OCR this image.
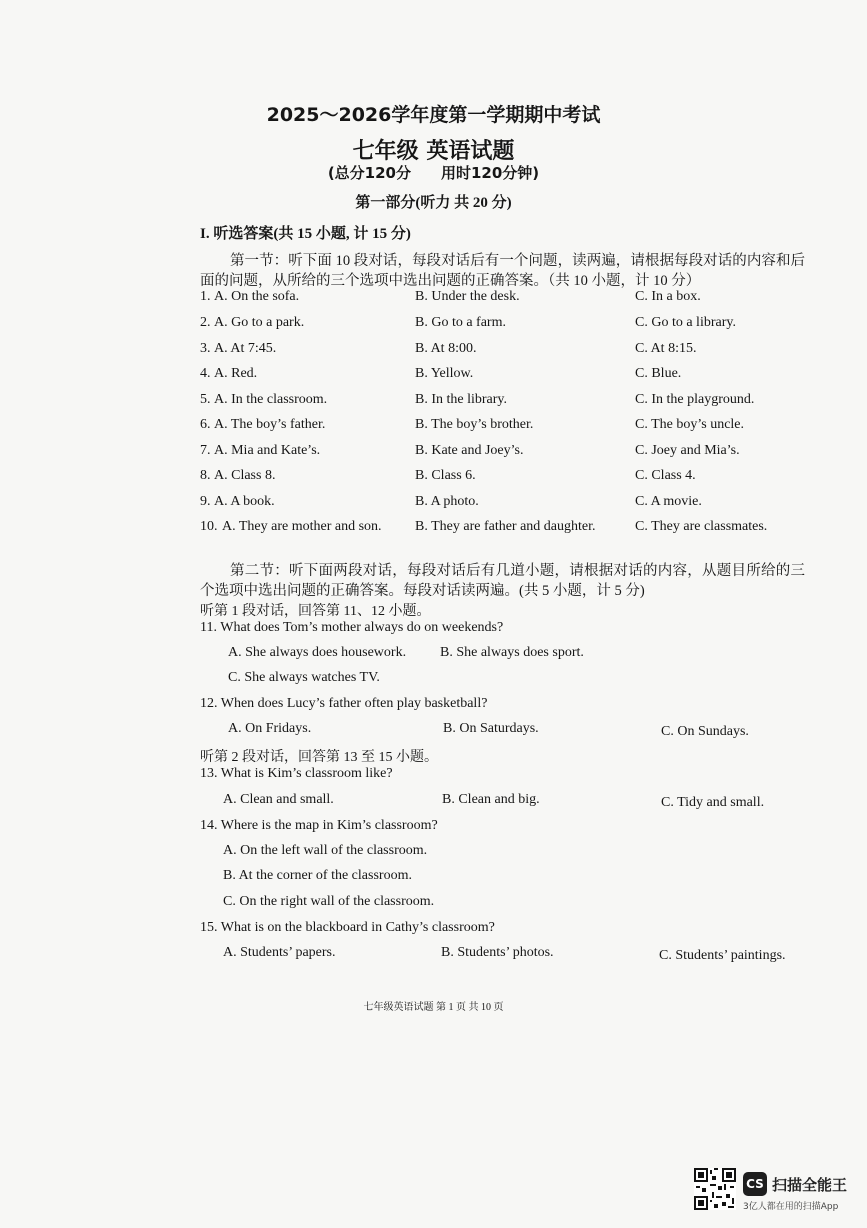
2025～2026学年度第一学期期中考试
七年级 英语试题
(总分120分　　用时120分钟)
第一部分(听力 共 20 分)
I. 听选答案(共 15 小题, 计 15 分)
第一节：听下面 10 段对话，每段对话后有一个问题，读两遍，请根据每段对话的内容和后面的问题，从所给的三个选项中选出问题的正确答案。（共 10 小题，计 10 分）
1. A. On the sofa.	B. Under the desk.	C. In a box.
2. A. Go to a park.	B. Go to a farm.	C. Go to a library.
3. A. At 7:45.	B. At 8:00.	C. At 8:15.
4. A. Red.	B. Yellow.	C. Blue.
5. A. In the classroom.	B. In the library.	C. In the playground.
6. A. The boy’s father.	B. The boy’s brother.	C. The boy’s uncle.
7. A. Mia and Kate’s.	B. Kate and Joey’s.	C. Joey and Mia’s.
8. A. Class 8.	B. Class 6.	C. Class 4.
9. A. A book.	B. A photo.	C. A movie.
10. A. They are mother and son. B. They are father and daughter.	C. They are classmates.
第二节：听下面两段对话，每段对话后有几道小题，请根据对话的内容，从题目所给的三个选项中选出问题的正确答案。每段对话读两遍。(共 5 小题，计 5 分)
听第 1 段对话，回答第 11、12 小题。
11. What does Tom’s mother always do on weekends?
A. She always does housework. B. She always does sport.
C. She always watches TV.
12. When does Lucy’s father often play basketball?
A. On Fridays.	B. On Saturdays.	C. On Sundays.
听第 2 段对话，回答第 13 至 15 小题。
13. What is Kim’s classroom like?
A. Clean and small.	B. Clean and big.	C. Tidy and small.
14. Where is the map in Kim’s classroom?
A. On the left wall of the classroom.
B. At the corner of the classroom.
C. On the right wall of the classroom.
15. What is on the blackboard in Cathy’s classroom?
A. Students’ papers.	B. Students’ photos.	C. Students’ paintings.
七年级英语试题 第 1 页 共 10 页
CS 扫描全能王
3亿人都在用的扫描App
